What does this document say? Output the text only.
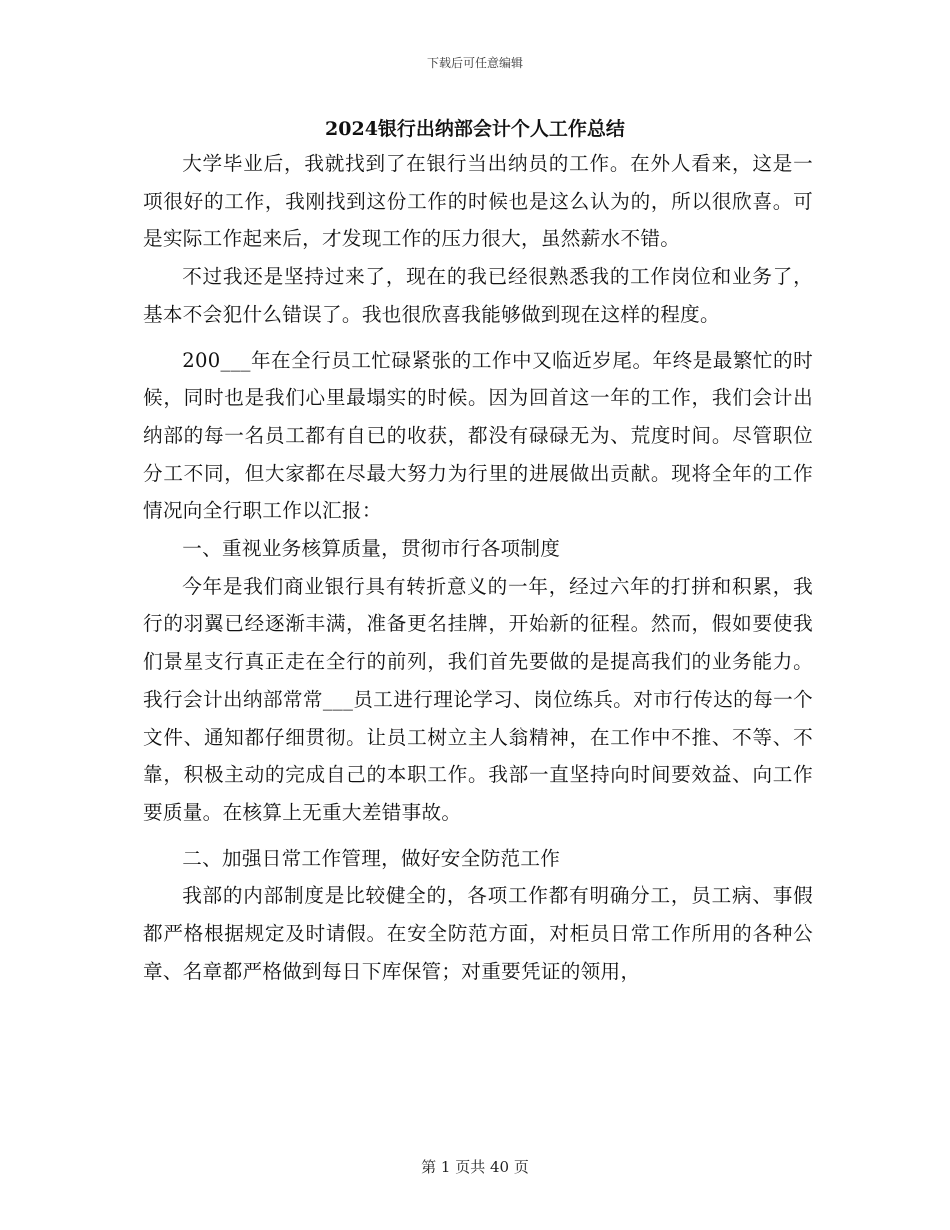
下载后可任意编辑
2024银行出纳部会计个人工作总结

大学毕业后，我就找到了在银行当出纳员的工作。在外人看来，这是一项很好的工作，我刚找到这份工作的时候也是这么认为的，所以很欣喜。可是实际工作起来后，才发现工作的压力很大，虽然薪水不错。

不过我还是坚持过来了，现在的我已经很熟悉我的工作岗位和业务了，基本不会犯什么错误了。我也很欣喜我能够做到现在这样的程度。

200___年在全行员工忙碌紧张的工作中又临近岁尾。年终是最繁忙的时候，同时也是我们心里最塌实的时候。因为回首这一年的工作，我们会计出纳部的每一名员工都有自已的收获，都没有碌碌无为、荒度时间。尽管职位分工不同，但大家都在尽最大努力为行里的进展做出贡献。现将全年的工作情况向全行职工作以汇报：

一、重视业务核算质量，贯彻市行各项制度

今年是我们商业银行具有转折意义的一年，经过六年的打拼和积累，我行的羽翼已经逐渐丰满，准备更名挂牌，开始新的征程。然而，假如要使我们景星支行真正走在全行的前列，我们首先要做的是提高我们的业务能力。我行会计出纳部常常___员工进行理论学习、岗位练兵。对市行传达的每一个文件、通知都仔细贯彻。让员工树立主人翁精神，在工作中不推、不等、不靠，积极主动的完成自己的本职工作。我部一直坚持向时间要效益、向工作要质量。在核算上无重大差错事故。

二、加强日常工作管理，做好安全防范工作

我部的内部制度是比较健全的，各项工作都有明确分工，员工病、事假都严格根据规定及时请假。在安全防范方面，对柜员日常工作所用的各种公章、名章都严格做到每日下库保管；对重要凭证的领用，

第 1 页共 40 页
